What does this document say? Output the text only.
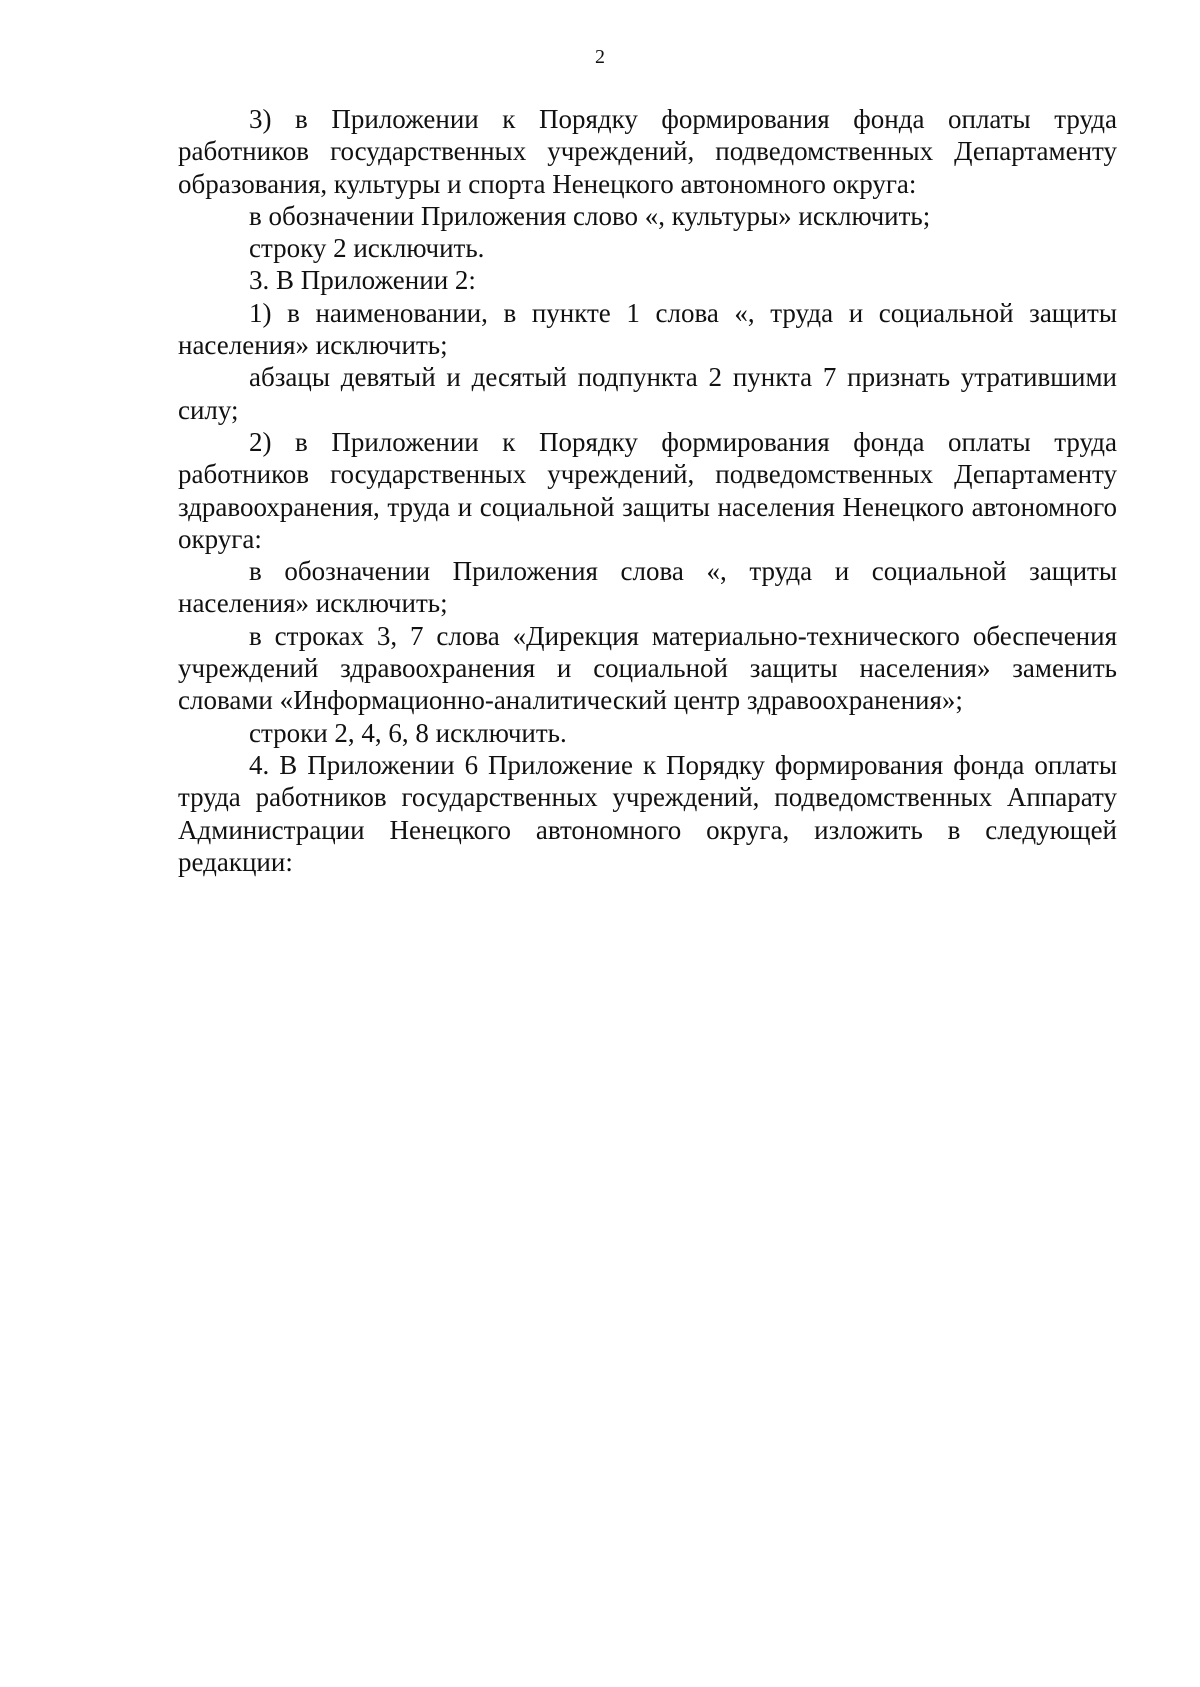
2

3) в Приложении к Порядку формирования фонда оплаты труда работников государственных учреждений, подведомственных Департаменту образования, культуры и спорта Ненецкого автономного округа:

в обозначении Приложения слово «, культуры» исключить;

строку 2 исключить.

3. В Приложении 2:

1) в наименовании, в пункте 1 слова «, труда и социальной защиты населения» исключить;

абзацы девятый и десятый подпункта 2 пункта 7 признать утратившими силу;

2) в Приложении к Порядку формирования фонда оплаты труда работников государственных учреждений, подведомственных Департаменту здравоохранения, труда и социальной защиты населения Ненецкого автономного округа:

в обозначении Приложения слова «, труда и социальной защиты населения» исключить;

в строках 3, 7 слова «Дирекция материально-технического обеспечения учреждений здравоохранения и социальной защиты населения» заменить словами «Информационно-аналитический центр здравоохранения»;

строки 2, 4, 6, 8 исключить.

4. В Приложении 6 Приложение к Порядку формирования фонда оплаты труда работников государственных учреждений, подведомственных Аппарату Администрации Ненецкого автономного округа, изложить в следующей редакции:
